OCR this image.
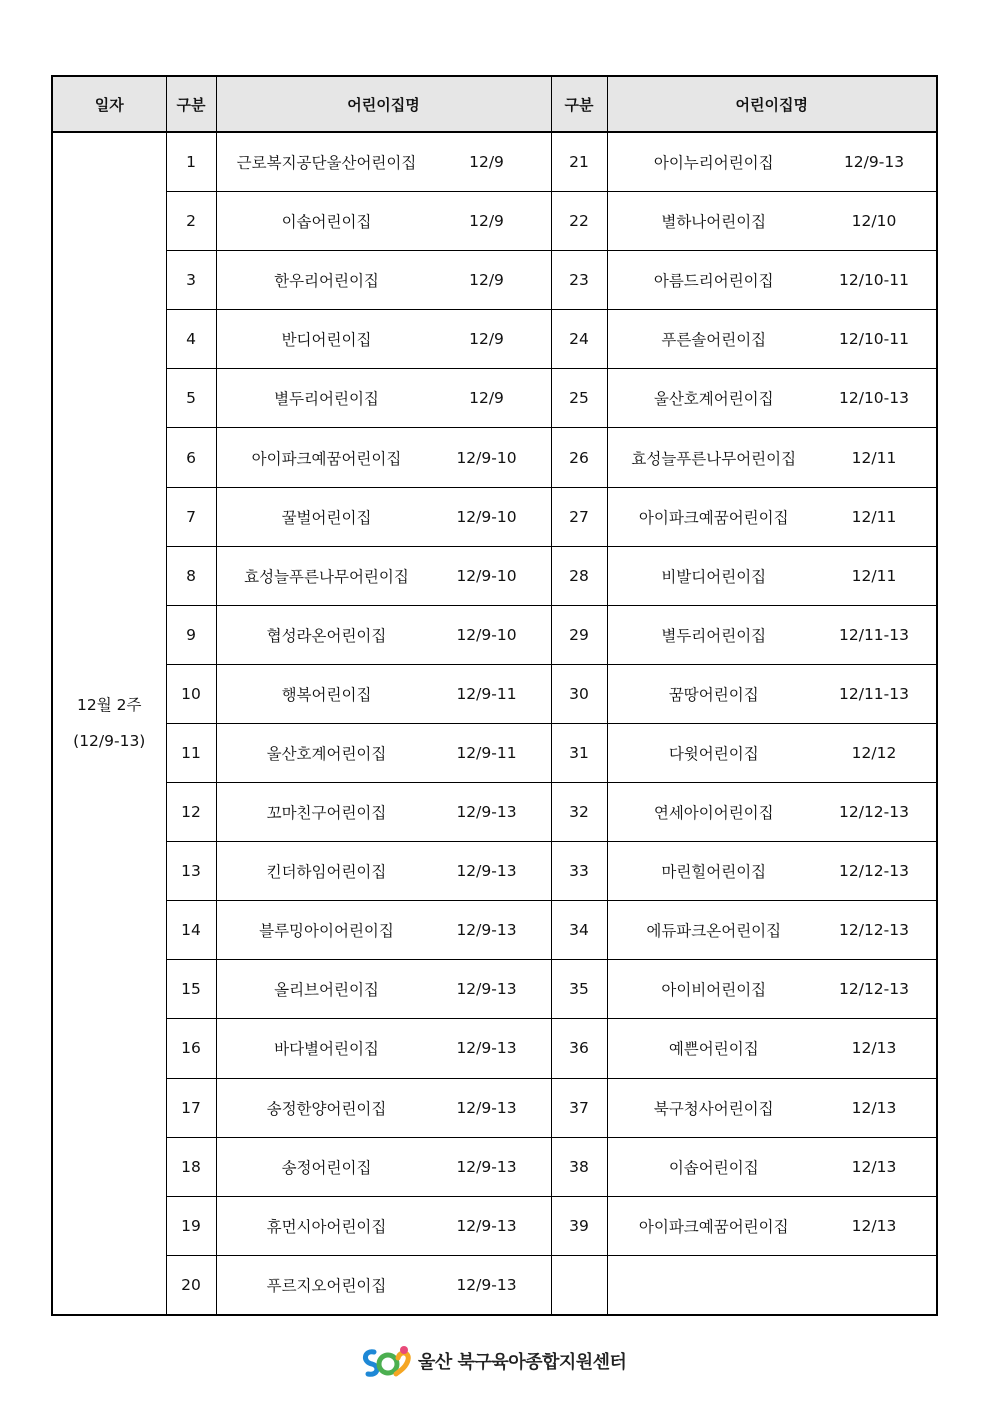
일자	구분	어린이집명	구분	어린이집명
12월 2주
(12/9-13)	1	근로복지공단울산어린이집 12/9	21	아이누리어린이집 12/9-13

	2	이솝어린이집 12/9	22	별하나어린이집 12/10

	3	한우리어린이집 12/9	23	아름드리어린이집 12/10-11

	4	반디어린이집 12/9	24	푸른솔어린이집 12/10-11

	5	별두리어린이집 12/9	25	울산호계어린이집 12/10-13

	6	아이파크예꿈어린이집 12/9-10	26	효성늘푸른나무어린이집 12/11

	7	꿀벌어린이집 12/9-10	27	아이파크예꿈어린이집 12/11

	8	효성늘푸른나무어린이집 12/9-10	28	비발디어린이집 12/11

	9	협성라온어린이집 12/9-10	29	별두리어린이집 12/11-13

	10	행복어린이집 12/9-11	30	꿈땅어린이집 12/11-13

	11	울산호계어린이집 12/9-11	31	다윗어린이집 12/12

	12	꼬마친구어린이집 12/9-13	32	연세아이어린이집 12/12-13

	13	킨더하임어린이집 12/9-13	33	마린힐어린이집 12/12-13

	14	블루밍아이어린이집 12/9-13	34	에듀파크온어린이집 12/12-13

	15	올리브어린이집 12/9-13	35	아이비어린이집 12/12-13

	16	바다별어린이집 12/9-13	36	예쁜어린이집 12/13

	17	송정한양어린이집 12/9-13	37	북구청사어린이집 12/13

	18	송정어린이집 12/9-13	38	이솝어린이집 12/13

	19	휴먼시아어린이집 12/9-13	39	아이파크예꿈어린이집 12/13

	20	푸르지오어린이집 12/9-13		

울산 북구육아종합지원센터
